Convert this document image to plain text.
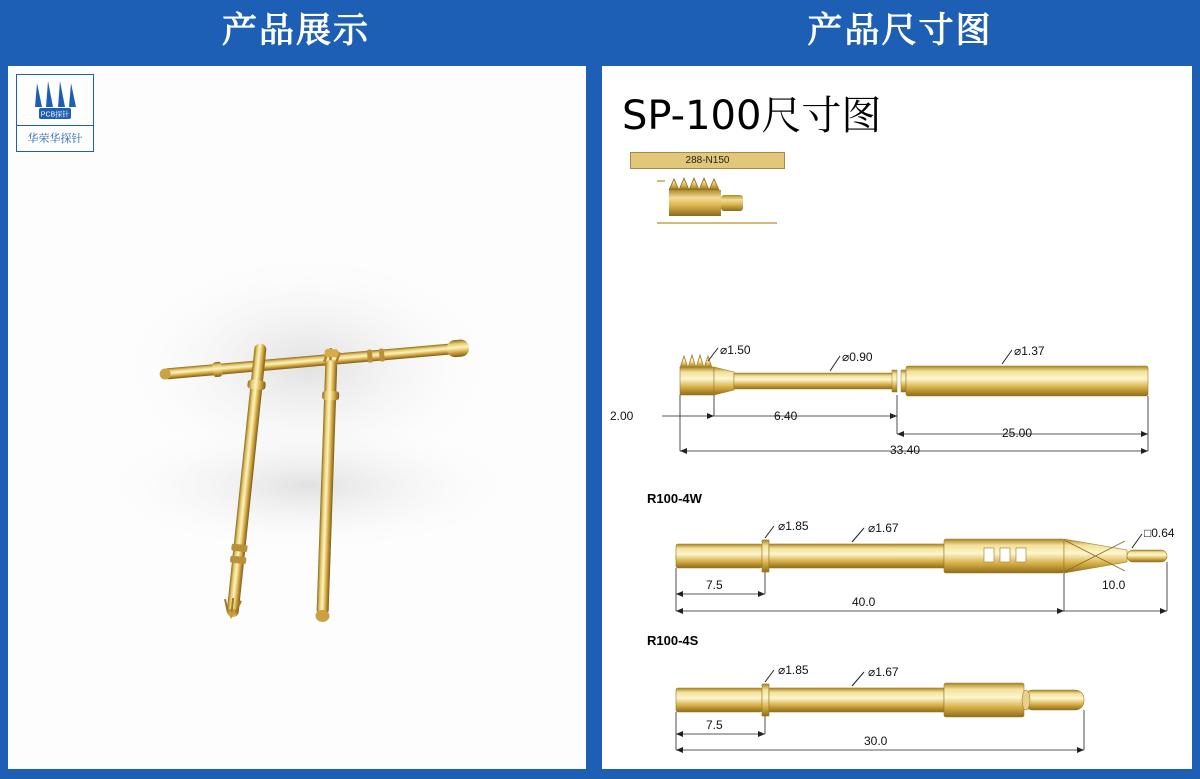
产品展示
PCB探针
华荣华探针
产品尺寸图
SP-100尺寸图
288-N150
⌀1.50	⌀0.90	⌀1.37
2.00	6.40
25.00
33.40
R100-4W
⌀1.85	⌀1.67	□0.64
7.5
40.0
10.0
R100-4S
⌀1.85	⌀1.67
7.5
30.0
